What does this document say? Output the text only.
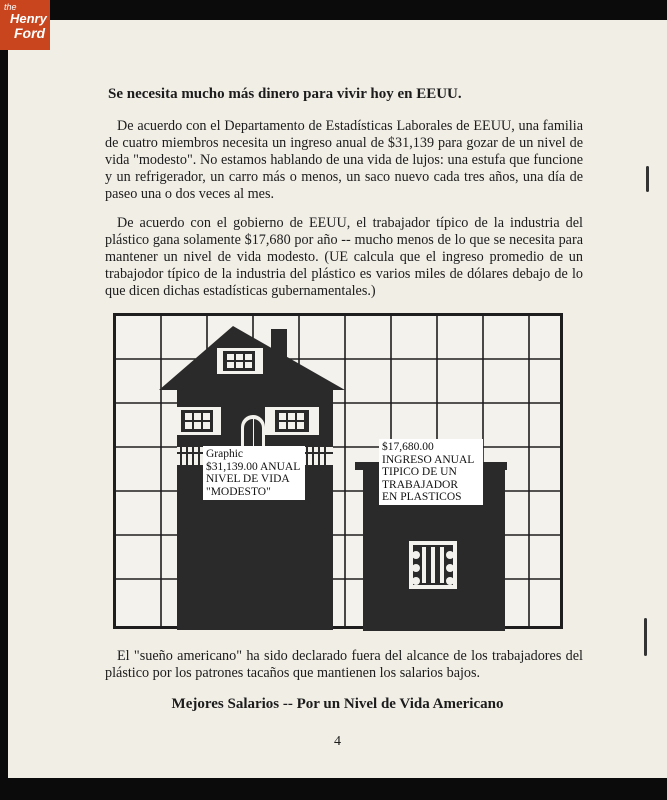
Se necesita mucho más dinero para vivir hoy en EEUU.
De acuerdo con el Departamento de Estadísticas Laborales de EEUU, una familia de cuatro miembros necesita un ingreso anual de $31,139 para gozar de un nivel de vida "modesto". No estamos hablando de una vida de lujos: una estufa que funcione y un refrigerador, un carro más o menos, un saco nuevo cada tres años, una día de paseo una o dos veces al mes.
De acuerdo con el gobierno de EEUU, el trabajador típico de la industria del plástico gana solamente $17,680 por año -- mucho menos de lo que se necesita para mantener un nivel de vida modesto. (UE calcula que el ingreso promedio de un trabajodor típico de la industria del plástico es varios miles de dólares debajo de lo que dicen dichas estadísticas gubernamentales.)
Graphic
$31,139.00 ANUAL
NIVEL DE VIDA
"MODESTO"
$17,680.00
INGRESO ANUAL
TIPICO DE UN
TRABAJADOR
EN PLASTICOS
El "sueño americano" ha sido declarado fuera del alcance de los trabajadores del plástico por los patrones tacaños que mantienen los salarios bajos.
Mejores Salarios -- Por un Nivel de Vida Americano
4
the
Henry
Ford
